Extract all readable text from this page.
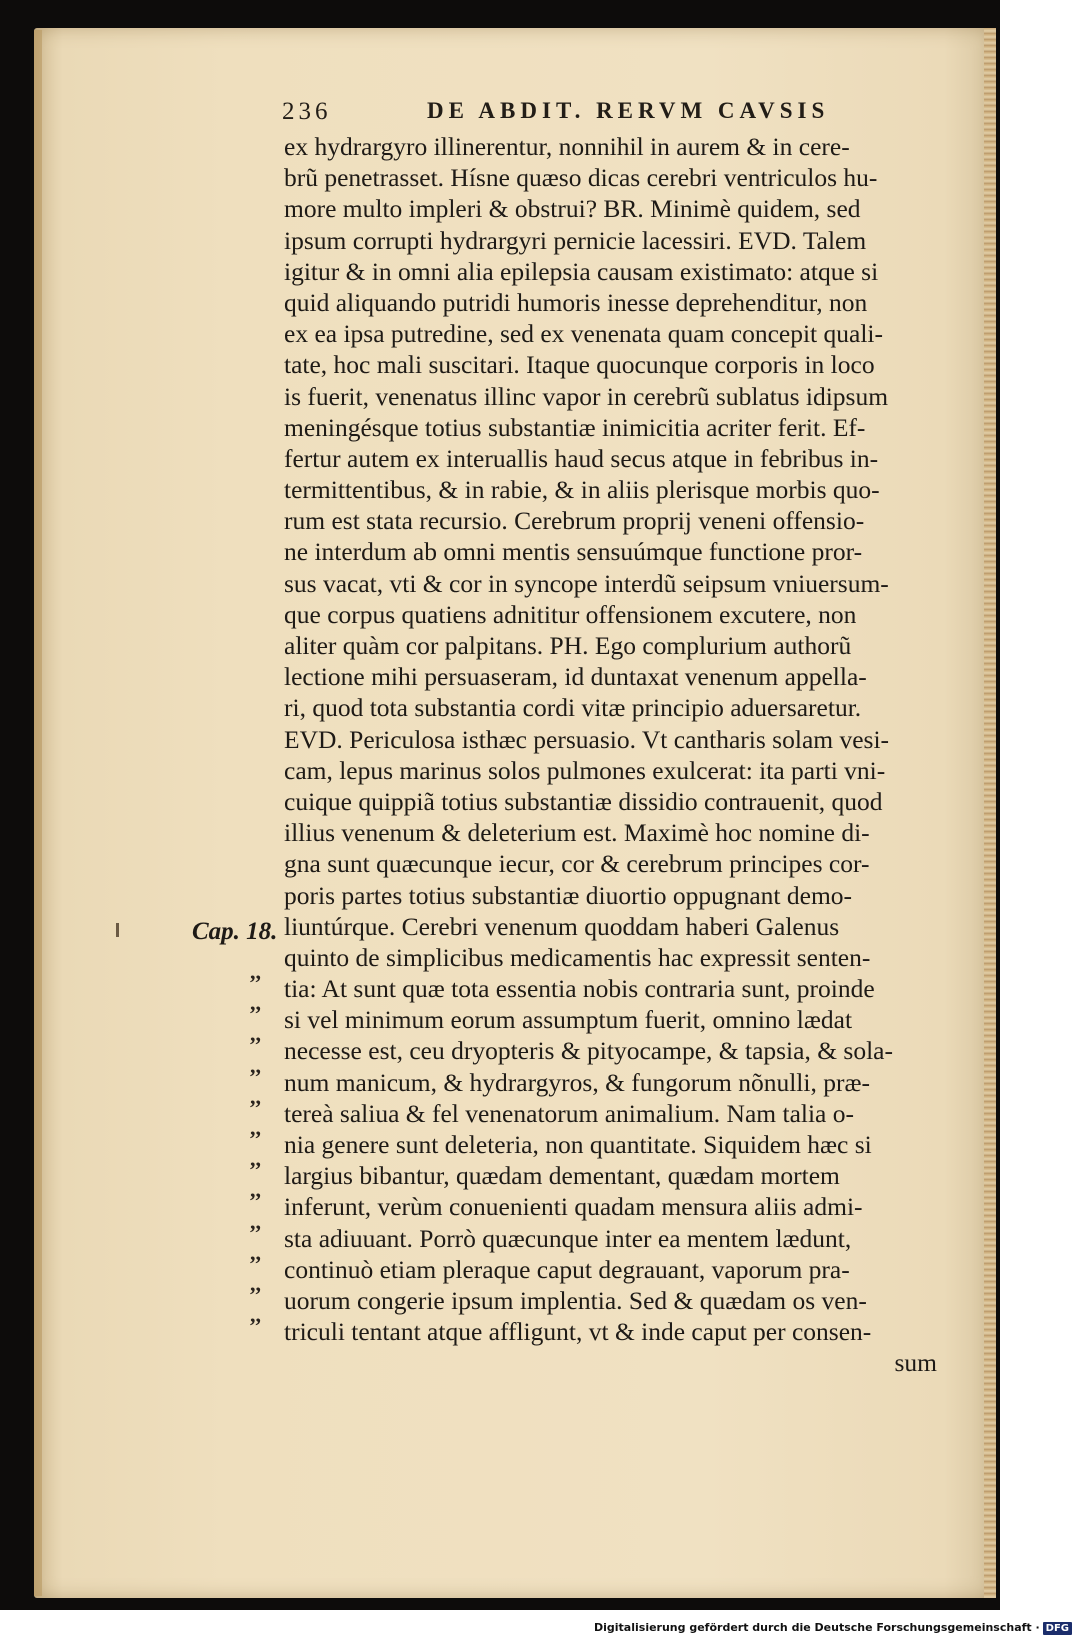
236	DE ABDIT. RERVM CAVSIS
ex hydrargyro illinerentur, nonnihil in aurem & in cere-
brũ penetrasset. Hísne quæso dicas cerebri ventriculos hu-
more multo impleri & obstrui? BR. Minimè quidem, sed
ipsum corrupti hydrargyri pernicie lacessiri. EVD. Talem
igitur & in omni alia epilepsia causam existimato: atque si
quid aliquando putridi humoris inesse deprehenditur, non
ex ea ipsa putredine, sed ex venenata quam concepit quali-
tate, hoc mali suscitari. Itaque quocunque corporis in loco
is fuerit, venenatus illinc vapor in cerebrũ sublatus idipsum
meningésque totius substantiæ inimicitia acriter ferit. Ef-
fertur autem ex interuallis haud secus atque in febribus in-
termittentibus, & in rabie, & in aliis plerisque morbis quo-
rum est stata recursio. Cerebrum proprij veneni offensio-
ne interdum ab omni mentis sensuúmque functione pror-
sus vacat, vti & cor in syncope interdũ seipsum vniuersum-
que corpus quatiens adnititur offensionem excutere, non
aliter quàm cor palpitans. PH. Ego complurium authorũ
lectione mihi persuaseram, id duntaxat venenum appella-
ri, quod tota substantia cordi vitæ principio aduersaretur.
EVD. Periculosa isthæc persuasio. Vt cantharis solam vesi-
cam, lepus marinus solos pulmones exulcerat: ita parti vni-
cuique quippiã totius substantiæ dissidio contrauenit, quod
illius venenum & deleterium est. Maximè hoc nomine di-
gna sunt quæcunque iecur, cor & cerebrum principes cor-
poris partes totius substantiæ diuortio oppugnant demo-
liuntúrque. Cerebri venenum quoddam haberi Galenus
quinto de simplicibus medicamentis hac expressit senten-
tia: At sunt quæ tota essentia nobis contraria sunt, proinde
si vel minimum eorum assumptum fuerit, omnino lædat
necesse est, ceu dryopteris & pityocampe, & tapsia, & sola-
num manicum, & hydrargyros, & fungorum nõnulli, præ-
tereà saliua & fel venenatorum animalium. Nam talia o-
nia genere sunt deleteria, non quantitate. Siquidem hæc si
largius bibantur, quædam dementant, quædam mortem
inferunt, verùm conuenienti quadam mensura aliis admi-
sta adiuuant. Porrò quæcunque inter ea mentem lædunt,
continuò etiam pleraque caput degrauant, vaporum pra-
uorum congerie ipsum implentia. Sed & quædam os ven-
triculi tentant atque affligunt, vt & inde caput per consen-
sum
Cap. 18.
,,
,,
,,
,,
,,
,,
,,
,,
,,
,,
,,
,,
Digitalisierung gefördert durch die Deutsche Forschungsgemeinschaft · DFG
